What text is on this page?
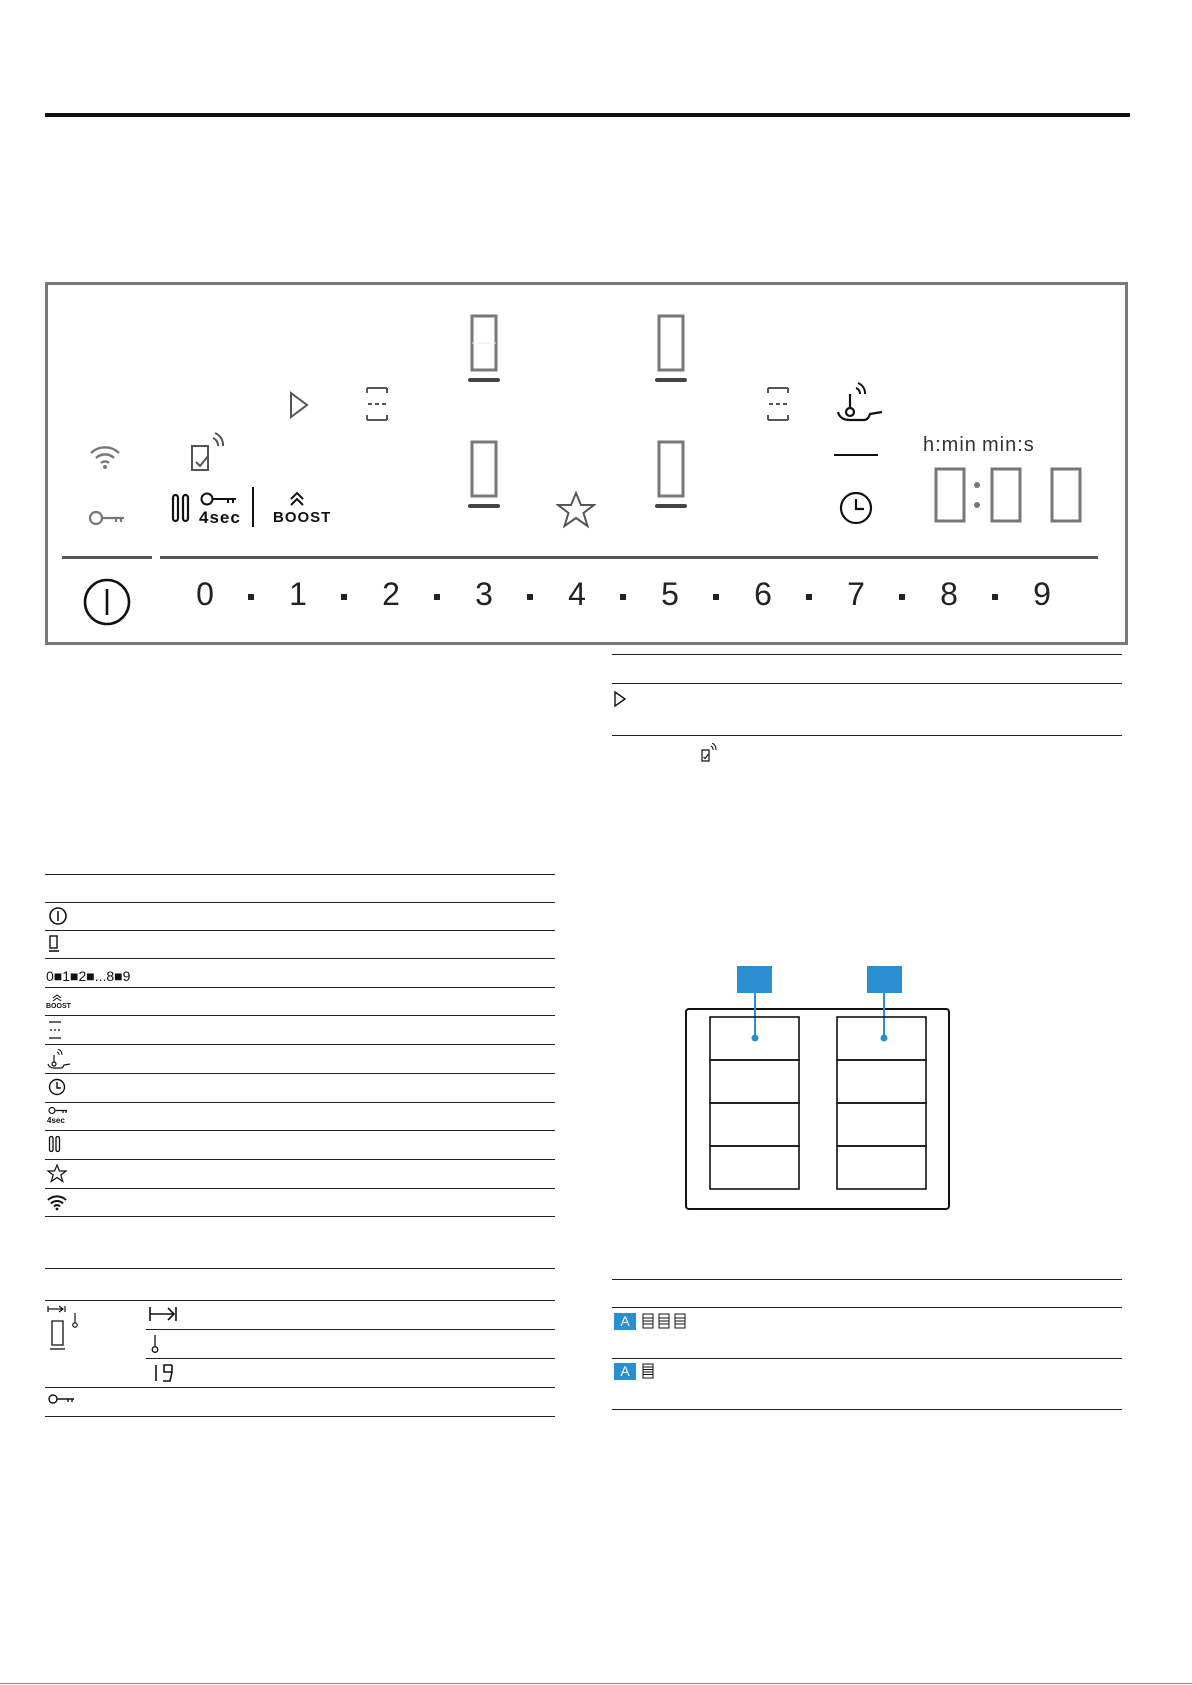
4sec BOOST
h:min min:s
0 1 2 3 4 5 6 7 8 9
0■1■2■...8■9
BOOST
4sec
A
A
